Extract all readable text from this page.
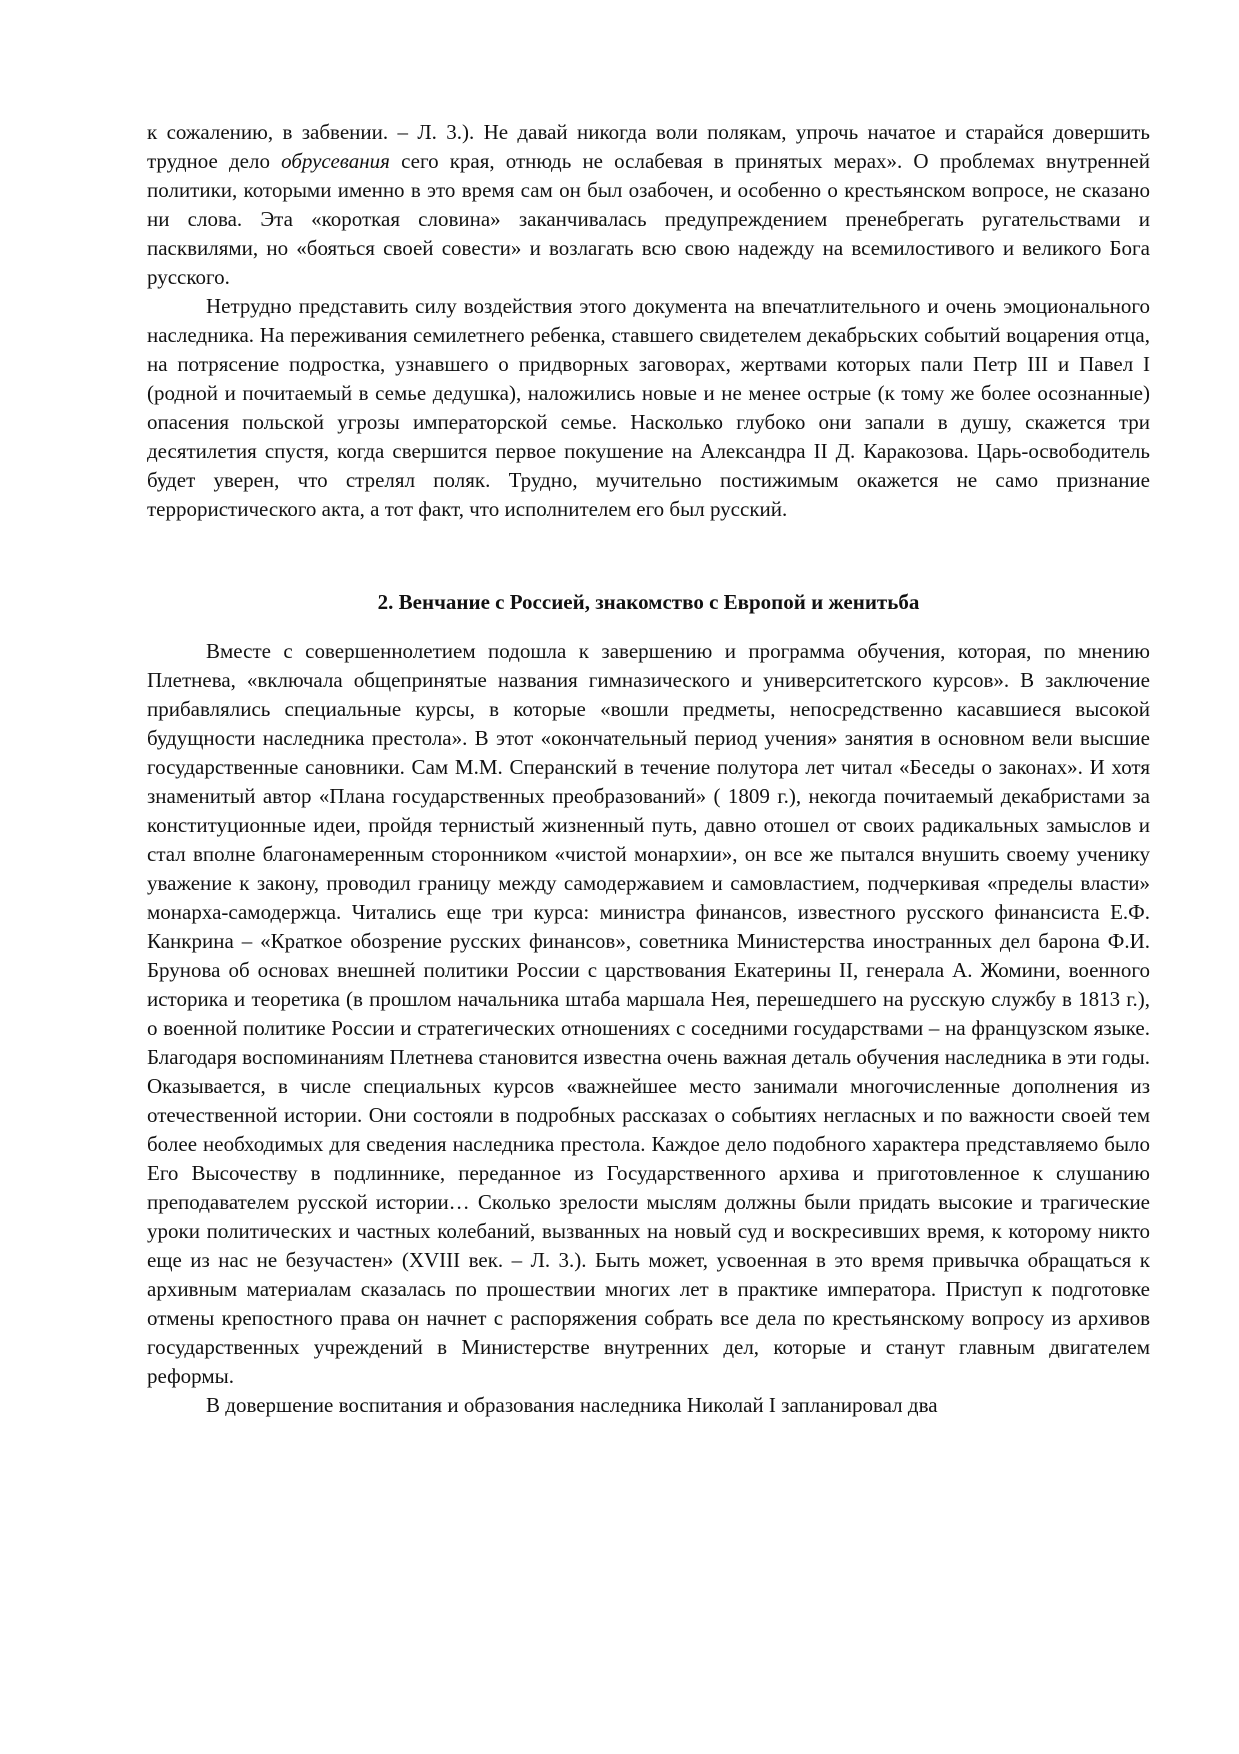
к сожалению, в забвении. – Л. 3.). Не давай никогда воли полякам, упрочь начатое и старайся довершить трудное дело обрусевания сего края, отнюдь не ослабевая в принятых мерах». О проблемах внутренней политики, которыми именно в это время сам он был озабочен, и особенно о крестьянском вопросе, не сказано ни слова. Эта «короткая словина» заканчивалась предупреждением пренебрегать ругательствами и пасквилями, но «бояться своей совести» и возлагать всю свою надежду на всемилостивого и великого Бога русского.

Нетрудно представить силу воздействия этого документа на впечатлительного и очень эмоционального наследника. На переживания семилетнего ребенка, ставшего свидетелем декабрьских событий воцарения отца, на потрясение подростка, узнавшего о придворных заговорах, жертвами которых пали Петр III и Павел I (родной и почитаемый в семье дедушка), наложились новые и не менее острые (к тому же более осознанные) опасения польской угрозы императорской семье. Насколько глубоко они запали в душу, скажется три десятилетия спустя, когда свершится первое покушение на Александра II Д. Каракозова. Царь-освободитель будет уверен, что стрелял поляк. Трудно, мучительно постижимым окажется не само признание террористического акта, а тот факт, что исполнителем его был русский.

2. Венчание с Россией, знакомство с Европой и женитьба

Вместе с совершеннолетием подошла к завершению и программа обучения, которая, по мнению Плетнева, «включала общепринятые названия гимназического и университетского курсов». В заключение прибавлялись специальные курсы, в которые «вошли предметы, непосредственно касавшиеся высокой будущности наследника престола». В этот «окончательный период учения» занятия в основном вели высшие государственные сановники. Сам М.М. Сперанский в течение полутора лет читал «Беседы о законах». И хотя знаменитый автор «Плана государственных преобразований» ( 1809 г.), некогда почитаемый декабристами за конституционные идеи, пройдя тернистый жизненный путь, давно отошел от своих радикальных замыслов и стал вполне благонамеренным сторонником «чистой монархии», он все же пытался внушить своему ученику уважение к закону, проводил границу между самодержавием и самовластием, подчеркивая «пределы власти» монарха-самодержца. Читались еще три курса: министра финансов, известного русского финансиста Е.Ф. Канкрина – «Краткое обозрение русских финансов», советника Министерства иностранных дел барона Ф.И. Брунова об основах внешней политики России с царствования Екатерины II, генерала А. Жомини, военного историка и теоретика (в прошлом начальника штаба маршала Нея, перешедшего на русскую службу в 1813 г.), о военной политике России и стратегических отношениях с соседними государствами – на французском языке. Благодаря воспоминаниям Плетнева становится известна очень важная деталь обучения наследника в эти годы. Оказывается, в числе специальных курсов «важнейшее место занимали многочисленные дополнения из отечественной истории. Они состояли в подробных рассказах о событиях негласных и по важности своей тем более необходимых для сведения наследника престола. Каждое дело подобного характера представляемо было Его Высочеству в подлиннике, переданное из Государственного архива и приготовленное к слушанию преподавателем русской истории… Сколько зрелости мыслям должны были придать высокие и трагические уроки политических и частных колебаний, вызванных на новый суд и воскресивших время, к которому никто еще из нас не безучастен» (XVIII век. – Л. 3.). Быть может, усвоенная в это время привычка обращаться к архивным материалам сказалась по прошествии многих лет в практике императора. Приступ к подготовке отмены крепостного права он начнет с распоряжения собрать все дела по крестьянскому вопросу из архивов государственных учреждений в Министерстве внутренних дел, которые и станут главным двигателем реформы.

В довершение воспитания и образования наследника Николай I запланировал два
